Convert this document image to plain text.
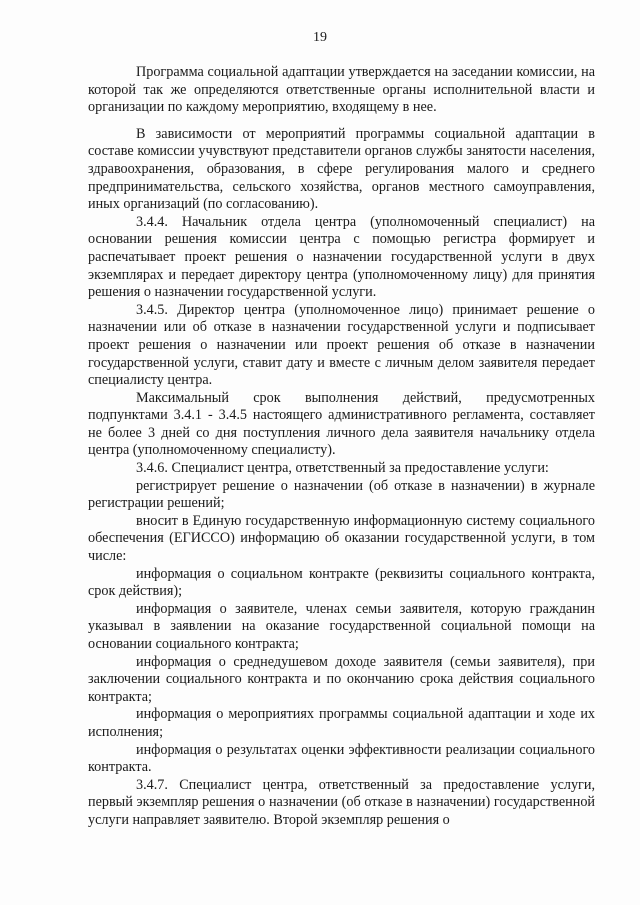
19

Программа социальной адаптации утверждается на заседании комиссии, на которой так же определяются ответственные органы исполнительной власти и организации по каждому мероприятию, входящему в нее.

В зависимости от мероприятий программы социальной адаптации в составе комиссии учувствуют представители органов службы занятости населения, здравоохранения, образования, в сфере регулирования малого и среднего предпринимательства, сельского хозяйства, органов местного самоуправления, иных организаций (по согласованию).

3.4.4. Начальник отдела центра (уполномоченный специалист) на основании решения комиссии центра с помощью регистра формирует и распечатывает проект решения о назначении государственной услуги в двух экземплярах и передает директору центра (уполномоченному лицу) для принятия решения о назначении государственной услуги.

3.4.5. Директор центра (уполномоченное лицо) принимает решение о назначении или об отказе в назначении государственной услуги и подписывает проект решения о назначении или проект решения об отказе в назначении государственной услуги, ставит дату и вместе с личным делом заявителя передает специалисту центра.

Максимальный срок выполнения действий, предусмотренных подпунктами 3.4.1 - 3.4.5 настоящего административного регламента, составляет не более 3 дней со дня поступления личного дела заявителя начальнику отдела центра (уполномоченному специалисту).

3.4.6. Специалист центра, ответственный за предоставление услуги:

регистрирует решение о назначении (об отказе в назначении) в журнале регистрации решений;

вносит в Единую государственную информационную систему социального обеспечения (ЕГИССО) информацию об оказании государственной услуги, в том числе:

информация о социальном контракте (реквизиты социального контракта, срок действия);

информация о заявителе, членах семьи заявителя, которую гражданин указывал в заявлении на оказание государственной социальной помощи на основании социального контракта;

информация о среднедушевом доходе заявителя (семьи заявителя), при заключении социального контракта и по окончанию срока действия социального контракта;

информация о мероприятиях программы социальной адаптации и ходе их исполнения;

информация о результатах оценки эффективности реализации социального контракта.

3.4.7. Специалист центра, ответственный за предоставление услуги, первый экземпляр решения о назначении (об отказе в назначении) государственной услуги направляет заявителю. Второй экземпляр решения о
